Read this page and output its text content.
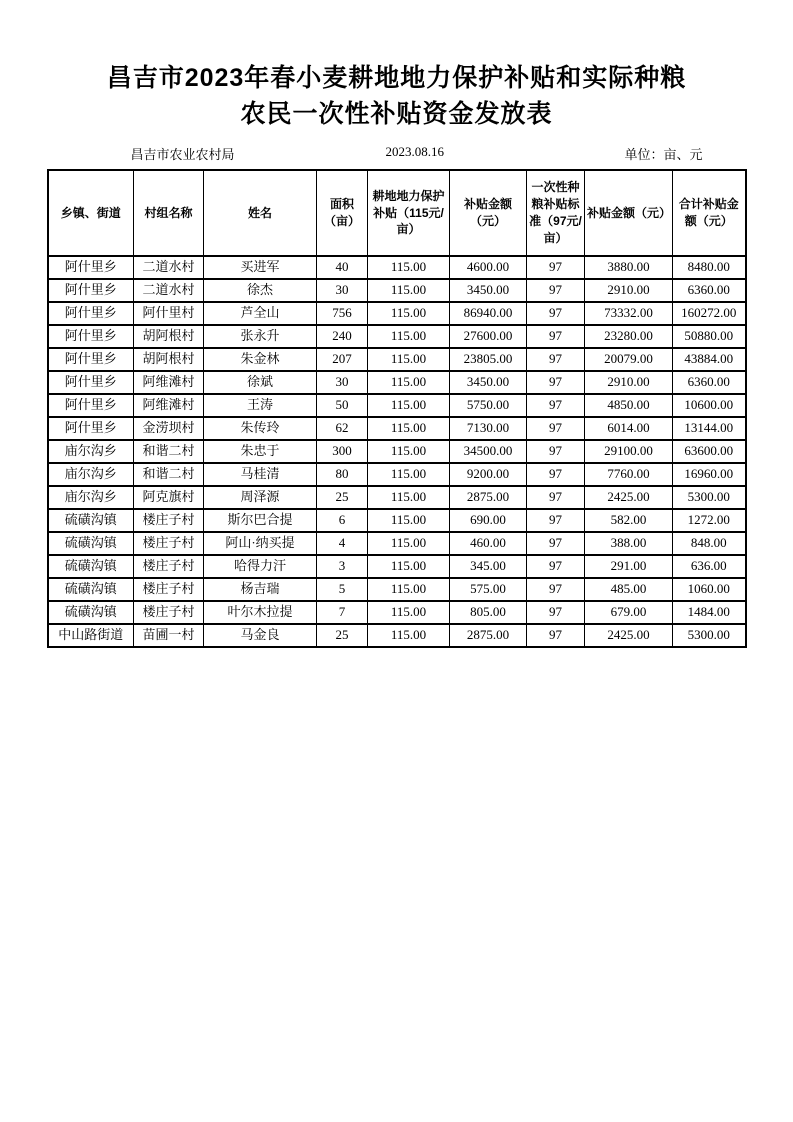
昌吉市2023年春小麦耕地地力保护补贴和实际种粮
农民一次性补贴资金发放表
昌吉市农业农村局	2023.08.16	单位：亩、元
乡镇、街道	村组名称	姓名	面积（亩）	耕地地力保护补贴（115元/亩）	补贴金额（元）	一次性种粮补贴标准（97元/亩）	补贴金额（元）	合计补贴金额（元）
阿什里乡	二道水村	买进军	40	115.00	4600.00	97	3880.00	8480.00
阿什里乡	二道水村	徐杰	30	115.00	3450.00	97	2910.00	6360.00
阿什里乡	阿什里村	芦全山	756	115.00	86940.00	97	73332.00	160272.00
阿什里乡	胡阿根村	张永升	240	115.00	27600.00	97	23280.00	50880.00
阿什里乡	胡阿根村	朱金林	207	115.00	23805.00	97	20079.00	43884.00
阿什里乡	阿维滩村	徐斌	30	115.00	3450.00	97	2910.00	6360.00
阿什里乡	阿维滩村	王涛	50	115.00	5750.00	97	4850.00	10600.00
阿什里乡	金涝坝村	朱传玲	62	115.00	7130.00	97	6014.00	13144.00
庙尔沟乡	和谐二村	朱忠于	300	115.00	34500.00	97	29100.00	63600.00
庙尔沟乡	和谐二村	马桂清	80	115.00	9200.00	97	7760.00	16960.00
庙尔沟乡	阿克旗村	周泽源	25	115.00	2875.00	97	2425.00	5300.00
硫磺沟镇	楼庄子村	斯尔巴合提	6	115.00	690.00	97	582.00	1272.00
硫磺沟镇	楼庄子村	阿山·纳买提	4	115.00	460.00	97	388.00	848.00
硫磺沟镇	楼庄子村	哈得力汗	3	115.00	345.00	97	291.00	636.00
硫磺沟镇	楼庄子村	杨吉瑞	5	115.00	575.00	97	485.00	1060.00
硫磺沟镇	楼庄子村	叶尔木拉提	7	115.00	805.00	97	679.00	1484.00
中山路街道	苗圃一村	马金良	25	115.00	2875.00	97	2425.00	5300.00
